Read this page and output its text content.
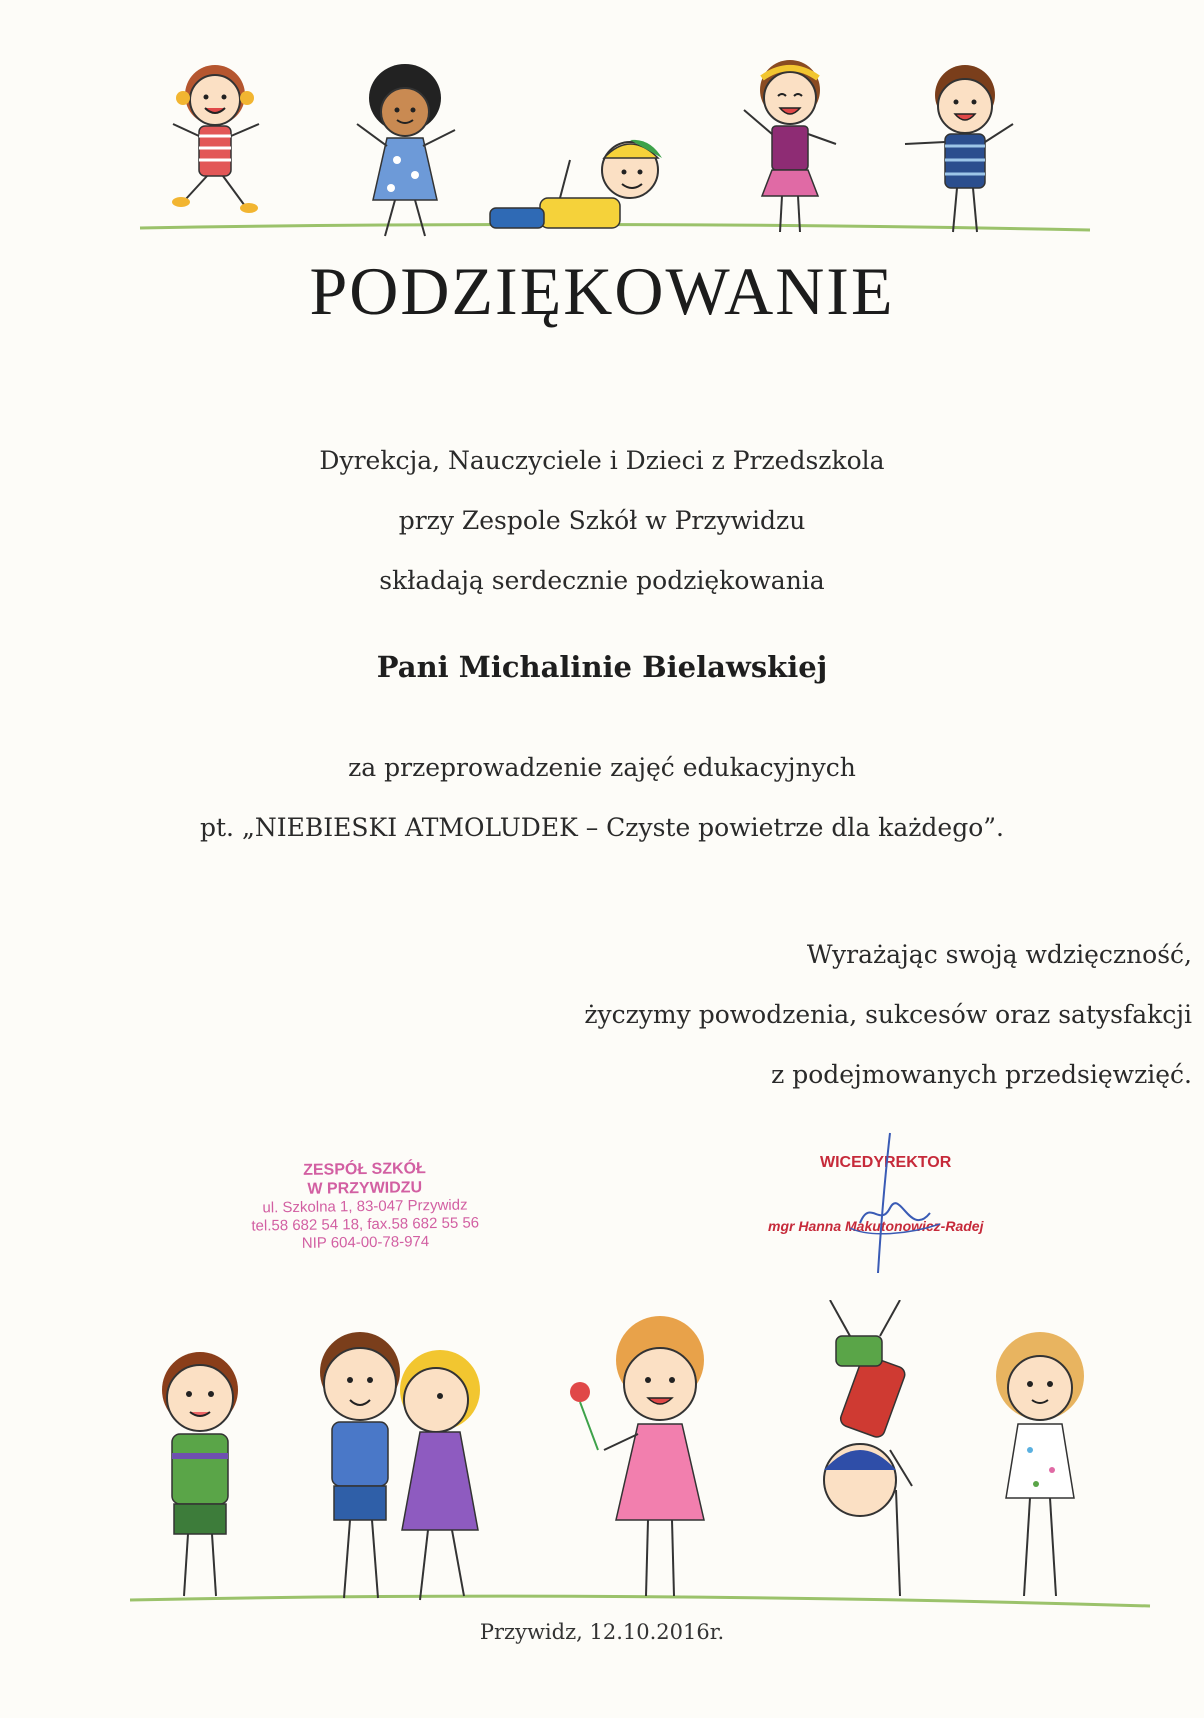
PODZIĘKOWANIE
Dyrekcja, Nauczyciele i Dzieci z Przedszkola
przy Zespole Szkół w Przywidzu
składają serdecznie podziękowania
Pani Michalinie Bielawskiej
za przeprowadzenie zajęć edukacyjnych
pt. „NIEBIESKI ATMOLUDEK – Czyste powietrze dla każdego”.
Wyrażając swoją wdzięczność,
życzymy powodzenia, sukcesów oraz satysfakcji
z podejmowanych przedsięwzięć.
ZESPÓŁ SZKÓŁ
W PRZYWIDZU
ul. Szkolna 1, 83-047 Przywidz
tel.58 682 54 18, fax.58 682 55 56
NIP 604-00-78-974
WICEDYREKTOR
mgr Hanna Makutonowicz-Radej
Przywidz, 12.10.2016r.
